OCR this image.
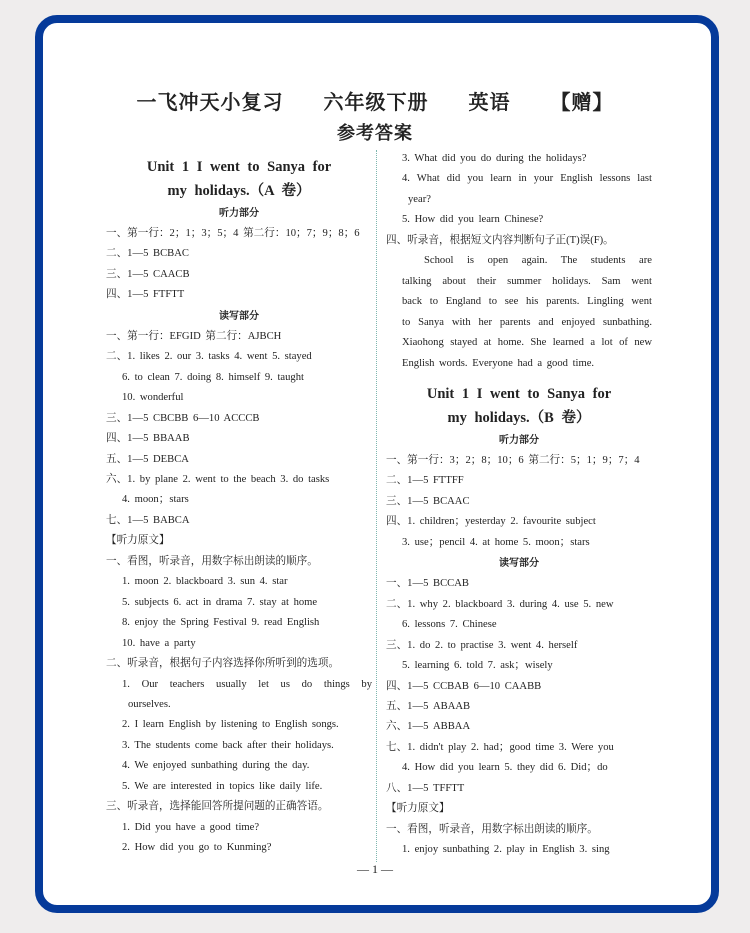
一飞冲天小复习  六年级下册  英语  【赠】
参考答案
Unit 1 I went to Sanya for
my holidays.（A 卷）
听力部分
一、第一行：2；1；3；5；4 第二行：10；7；9；8；6
二、1—5 BCBAC
三、1—5 CAACB
四、1—5 FTFTT
读写部分
一、第一行：EFGID 第二行：AJBCH
二、1. likes 2. our 3. tasks 4. went 5. stayed
6. to clean 7. doing 8. himself 9. taught
10. wonderful
三、1—5 CBCBB 6—10 ACCCB
四、1—5 BBAAB
五、1—5 DEBCA
六、1. by plane 2. went to the beach 3. do tasks
4. moon；stars
七、1—5 BABCA
【听力原文】
一、看图，听录音，用数字标出朗读的顺序。
1. moon 2. blackboard 3. sun 4. star
5. subjects 6. act in drama 7. stay at home
8. enjoy the Spring Festival 9. read English
10. have a party
二、听录音，根据句子内容选择你所听到的选项。
1. Our teachers usually let us do things by
ourselves.
2. I learn English by listening to English songs.
3. The students come back after their holidays.
4. We enjoyed sunbathing during the day.
5. We are interested in topics like daily life.
三、听录音，选择能回答所提问题的正确答语。
1. Did you have a good time?
2. How did you go to Kunming?
3. What did you do during the holidays?
4. What did you learn in your English lessons last
year?
5. How did you learn Chinese?
四、听录音，根据短文内容判断句子正(T)误(F)。
School is open again. The students are
talking about their summer holidays. Sam went
back to England to see his parents. Lingling went
to Sanya with her parents and enjoyed sunbathing.
Xiaohong stayed at home. She learned a lot of new
English words. Everyone had a good time.
Unit 1 I went to Sanya for
my holidays.（B 卷）
听力部分
一、第一行：3；2；8；10；6 第二行：5；1；9；7；4
二、1—5 FTTFF
三、1—5 BCAAC
四、1. children；yesterday 2. favourite subject
3. use；pencil 4. at home 5. moon；stars
读写部分
一、1—5 BCCAB
二、1. why 2. blackboard 3. during 4. use 5. new
6. lessons 7. Chinese
三、1. do 2. to practise 3. went 4. herself
5. learning 6. told 7. ask；wisely
四、1—5 CCBAB 6—10 CAABB
五、1—5 ABAAB
六、1—5 ABBAA
七、1. didn't play 2. had；good time 3. Were you
4. How did you learn 5. they did 6. Did；do
八、1—5 TFFTT
【听力原文】
一、看图，听录音，用数字标出朗读的顺序。
1. enjoy sunbathing 2. play in English 3. sing
— 1 —
